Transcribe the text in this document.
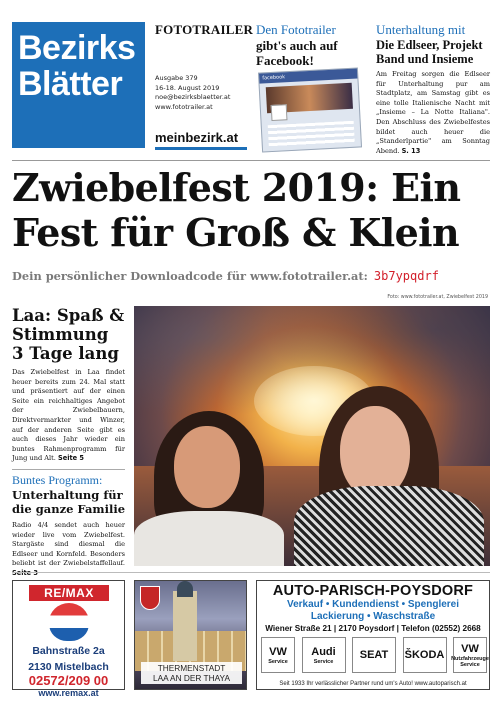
Bezirks
Blätter
FOTOTRAILER
Ausgabe 379
16-18. August 2019
noe@bezirksblaetter.at
www.fototrailer.at
meinbezirk.at
Den Fototrailer
gibt's auch auf Facebook!
facebook
Unterhaltung mit
Die Edlseer, Projekt Band und Insieme

Am Freitag sorgen die Edlseer für Unterhaltung pur am Stadtplatz, am Samstag gibt es eine tolle Italienische Nacht mit „Insieme – La Notte Italiana". Den Abschluss des Zwiebelfestes bildet auch heuer die „Standerlpartie" am Sonntag Abend. S. 13

Zwiebelfest 2019: Ein Fest für Groß & Klein
Dein persönlicher Downloadcode für www.fototrailer.at: 3b7ypqdrf
Foto: www.fototrailer.at, Zwiebelfest 2019
Laa: Spaß & Stimmung 3 Tage lang

Das Zwiebelfest in Laa findet heuer bereits zum 24. Mal statt und präsentiert auf der einen Seite ein reichhaltiges Angebot der Zwiebelbauern, Direktvermarkter und Winzer, auf der anderen Seite gibt es auch dieses Jahr wieder ein buntes Rahmenprogramm für Jung und Alt. Seite 5

Buntes Programm:
Unterhaltung für die ganze Familie

Radio 4/4 sendet auch heuer wieder live vom Zwiebelfest. Stargäste sind diesmal die Edlseer und Kornfeld. Besonders beliebt ist der Zwiebelstaffellauf.

RE/MAX
Bahnstraße 2a
2130 Mistelbach
02572/209 00
www.remax.at
THERMENSTADT
LAA AN DER THAYA
AUTO-PARISCH-POYSDORF
Verkauf • Kundendienst • Spenglerei
Lackierung • Waschstraße
Wiener Straße 21 | 2170 Poysdorf | Telefon (02552) 2668
VW
Service
Audi
Service
SEAT ŠKODA VW
Nutzfahrzeuge Service
Seit 1933 Ihr verlässlicher Partner rund um's Auto! www.autoparisch.at
